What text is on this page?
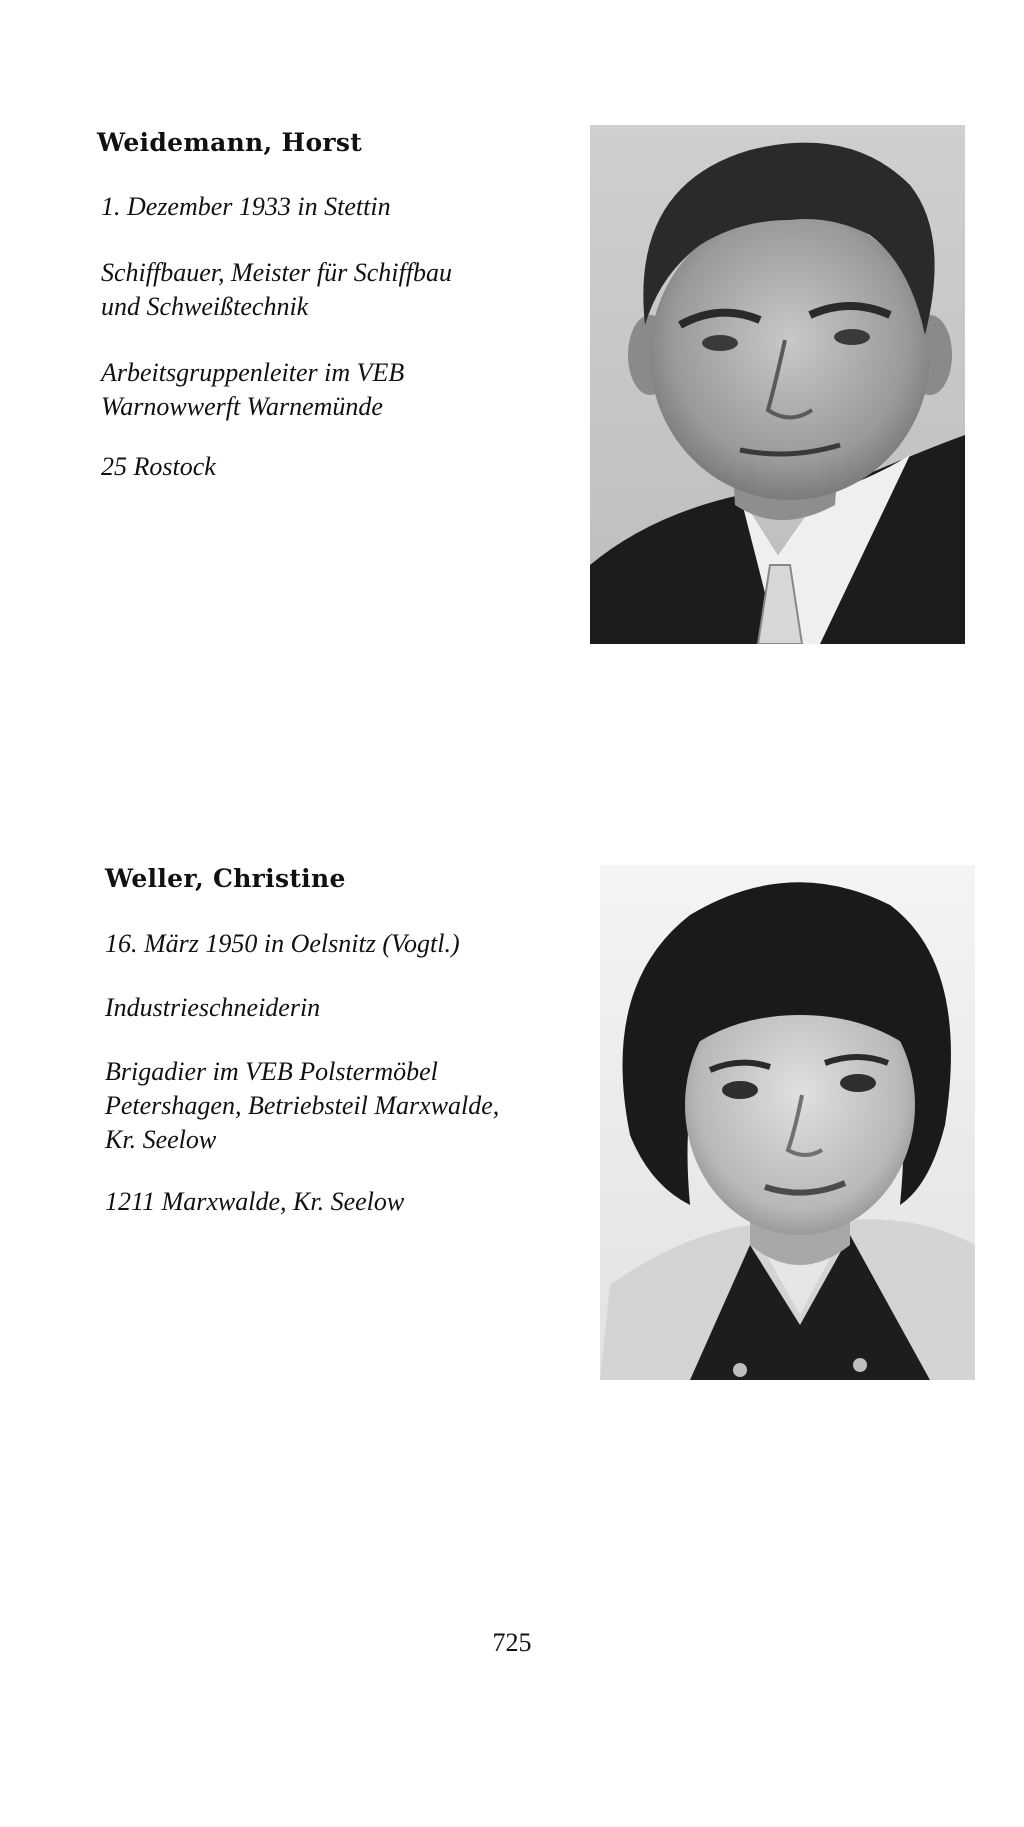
Weidemann, Horst
1. Dezember 1933 in Stettin
Schiffbauer, Meister für Schiffbau
und Schweißtechnik
Arbeitsgruppenleiter im VEB
Warnowwerft Warnemünde
25 Rostock
Weller, Christine
16. März 1950 in Oelsnitz (Vogtl.)
Industrieschneiderin
Brigadier im VEB Polstermöbel
Petershagen, Betriebsteil Marxwalde,
Kr. Seelow
1211 Marxwalde, Kr. Seelow
725
